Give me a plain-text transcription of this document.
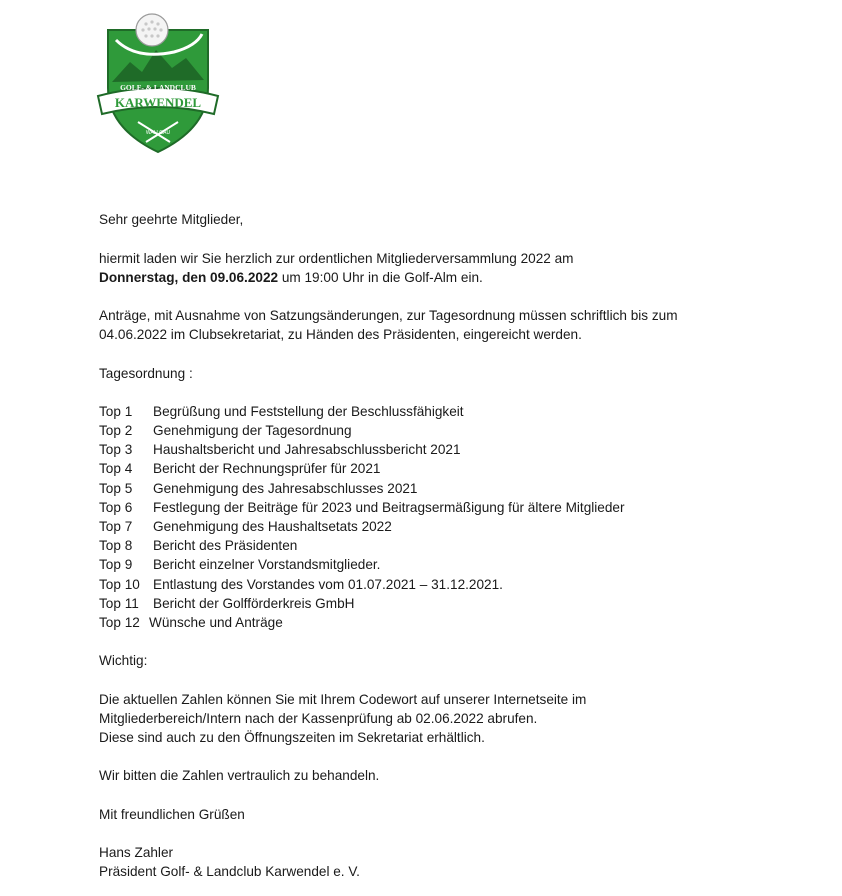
GOLF- & LANDCLUB
KARWENDEL
WALLGAU
Sehr geehrte Mitglieder,
hiermit laden wir Sie herzlich zur ordentlichen Mitgliederversammlung 2022 am
Donnerstag, den 09.06.2022 um 19:00 Uhr in die Golf-Alm ein.
Anträge, mit Ausnahme von Satzungsänderungen, zur Tagesordnung müssen schriftlich bis zum
04.06.2022 im Clubsekretariat, zu Händen des Präsidenten, eingereicht werden.
Tagesordnung :
Top 1 Begrüßung und Feststellung der Beschlussfähigkeit
Top 2 Genehmigung der Tagesordnung
Top 3 Haushaltsbericht und Jahresabschlussbericht 2021
Top 4 Bericht der Rechnungsprüfer für 2021
Top 5 Genehmigung des Jahresabschlusses 2021
Top 6 Festlegung der Beiträge für 2023 und Beitragsermäßigung für ältere Mitglieder
Top 7 Genehmigung des Haushaltsetats 2022
Top 8 Bericht des Präsidenten
Top 9 Bericht einzelner Vorstandsmitglieder.
Top 10 Entlastung des Vorstandes vom 01.07.2021 – 31.12.2021.
Top 11 Bericht der Golfförderkreis GmbH
Top 12 Wünsche und Anträge
Wichtig:
Die aktuellen Zahlen können Sie mit Ihrem Codewort auf unserer Internetseite im
Mitgliederbereich/Intern nach der Kassenprüfung ab 02.06.2022 abrufen.
Diese sind auch zu den Öffnungszeiten im Sekretariat erhältlich.
Wir bitten die Zahlen vertraulich zu behandeln.
Mit freundlichen Grüßen
Hans Zahler
Präsident Golf- & Landclub Karwendel e. V.
